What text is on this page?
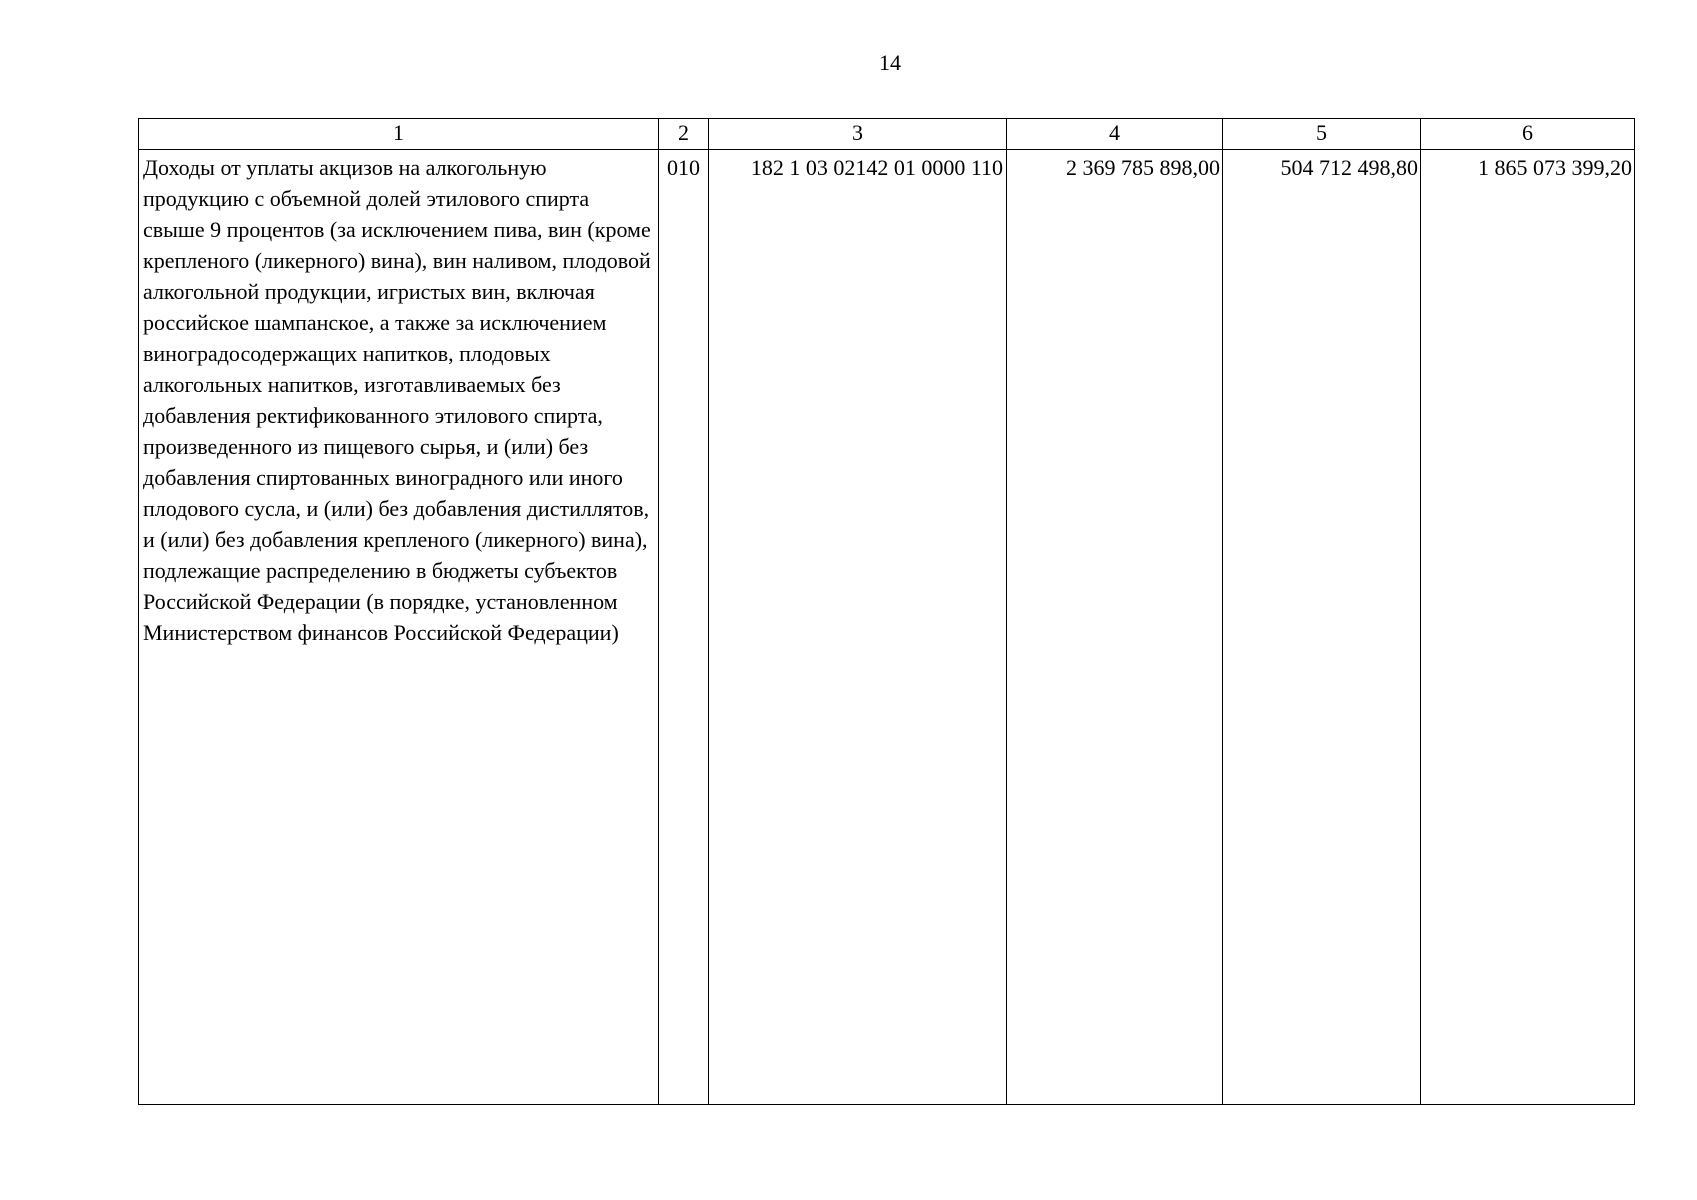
14
1	2	3	4	5	6
Доходы от уплаты акцизов на алкогольную продукцию с объемной долей этилового спирта свыше 9 процентов (за исключением пива, вин (кроме крепленого (ликерного) вина), вин наливом, плодовой алкогольной продукции, игристых вин, включая российское шампанское, а также за исключением виноградосодержащих напитков, плодовых алкогольных напитков, изготавливаемых без добавления ректификованного этилового спирта, произведенного из пищевого сырья, и (или) без добавления спиртованных виноградного или иного плодового сусла, и (или) без добавления дистиллятов, и (или) без добавления крепленого (ликерного) вина), подлежащие распределению в бюджеты субъектов Российской Федерации (в порядке, установленном Министерством финансов Российской Федерации)	010	182 1 03 02142 01 0000 110	2 369 785 898,00	504 712 498,80	1 865 073 399,20
